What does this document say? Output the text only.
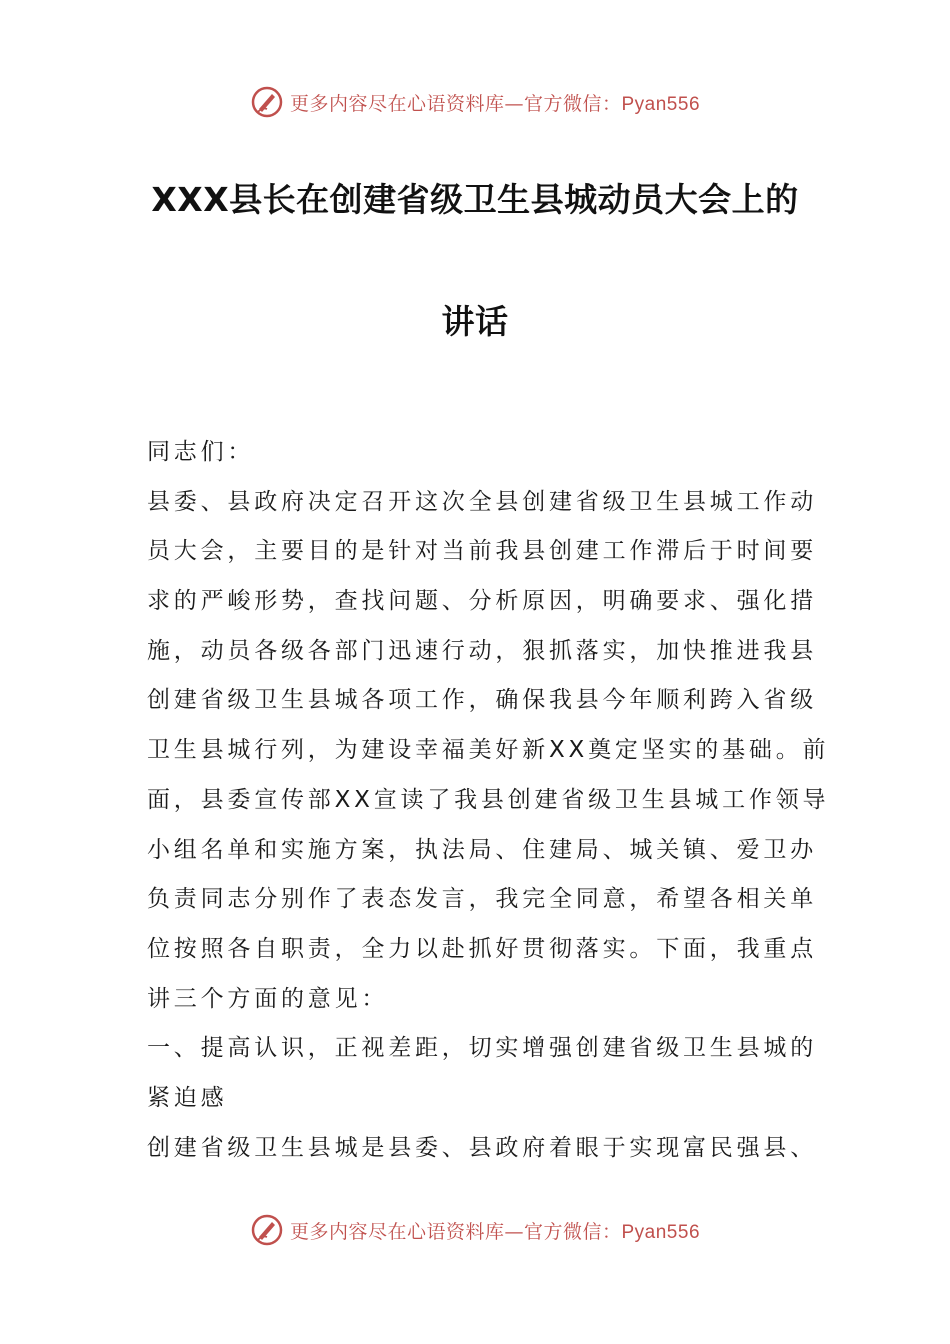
更多内容尽在心语资料库—官方微信：Pyan556
XXX县长在创建省级卫生县城动员大会上的
讲话
同志们：
县委、县政府决定召开这次全县创建省级卫生县城工作动
员大会，主要目的是针对当前我县创建工作滞后于时间要
求的严峻形势，查找问题、分析原因，明确要求、强化措
施，动员各级各部门迅速行动，狠抓落实，加快推进我县
创建省级卫生县城各项工作，确保我县今年顺利跨入省级
卫生县城行列，为建设幸福美好新XX奠定坚实的基础。前
面，县委宣传部XX宣读了我县创建省级卫生县城工作领导
小组名单和实施方案，执法局、住建局、城关镇、爱卫办
负责同志分别作了表态发言，我完全同意，希望各相关单
位按照各自职责，全力以赴抓好贯彻落实。下面，我重点
讲三个方面的意见：
一、提高认识，正视差距，切实增强创建省级卫生县城的
紧迫感
创建省级卫生县城是县委、县政府着眼于实现富民强县、
更多内容尽在心语资料库—官方微信：Pyan556
